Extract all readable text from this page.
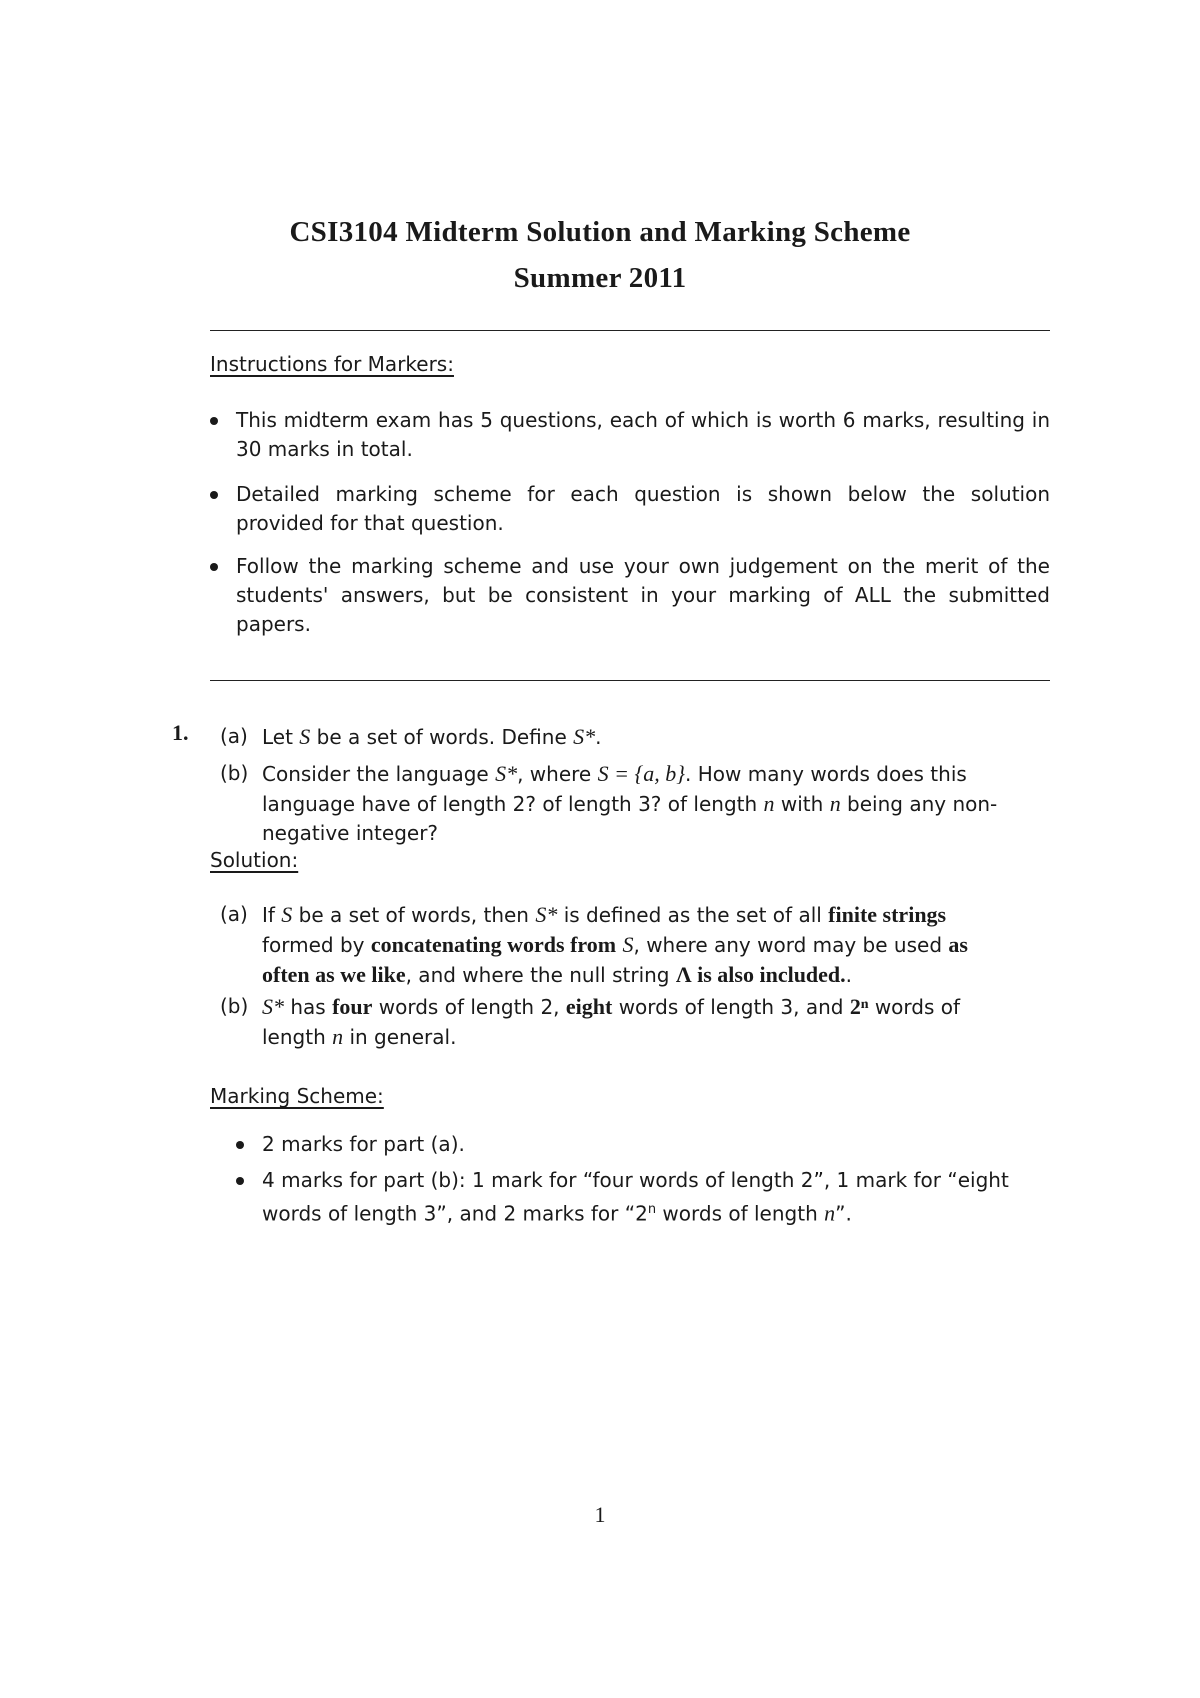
CSI3104 Midterm Solution and Marking Scheme
Summer 2011
Instructions for Markers:
This midterm exam has 5 questions, each of which is worth 6 marks, resulting in 30 marks in total.
Detailed marking scheme for each question is shown below the solution provided for that question.
Follow the marking scheme and use your own judgement on the merit of the students' answers, but be consistent in your marking of ALL the submitted papers.
1. (a) Let S be a set of words. Define S*.
(b) Consider the language S*, where S = {a, b}. How many words does this
language have of length 2? of length 3? of length n with n being any non-
negative integer?
Solution:
(a) If S be a set of words, then S* is defined as the set of all finite strings
formed by concatenating words from S, where any word may be used as
often as we like, and where the null string Λ is also included..
(b) S* has four words of length 2, eight words of length 3, and 2ⁿ words of
length n in general.
Marking Scheme:
2 marks for part (a).
4 marks for part (b): 1 mark for “four words of length 2”, 1 mark for “eight
words of length 3”, and 2 marks for “2$^n$ words of length n”.
1
